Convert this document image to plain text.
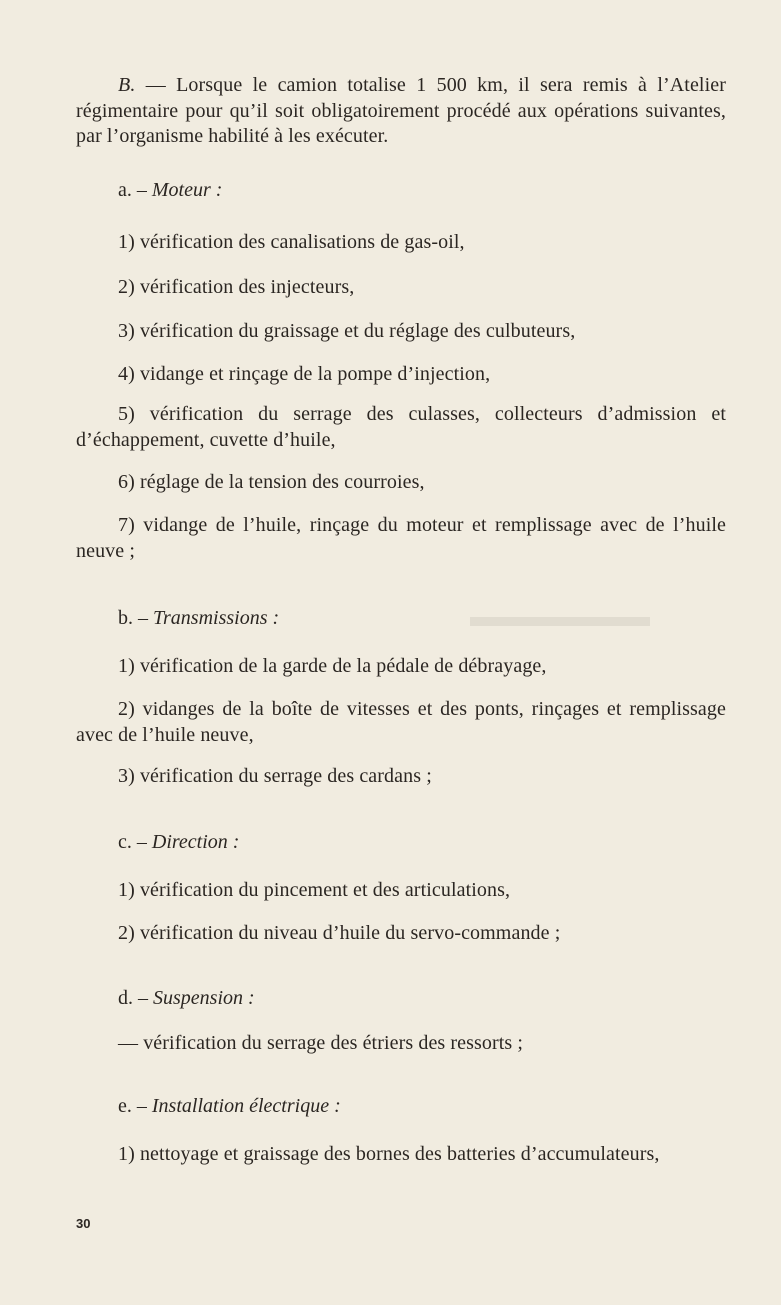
▬▬▬▬▬▬
B. — Lorsque le camion totalise 1 500 km, il sera remis à l’Atelier régimentaire pour qu’il soit obligatoirement procédé aux opérations suivantes, par l’organisme habilité à les exécuter.
a. – Moteur :
1) vérification des canalisations de gas-oil,
2) vérification des injecteurs,
3) vérification du graissage et du réglage des culbuteurs,
4) vidange et rinçage de la pompe d’injection,
5) vérification du serrage des culasses, collecteurs d’admission et d’échappement, cuvette d’huile,
6) réglage de la tension des courroies,
7) vidange de l’huile, rinçage du moteur et remplissage avec de l’huile neuve ;
b. – Transmissions :
1) vérification de la garde de la pédale de débrayage,
2) vidanges de la boîte de vitesses et des ponts, rinçages et remplissage avec de l’huile neuve,
3) vérification du serrage des cardans ;
c. – Direction :
1) vérification du pincement et des articulations,
2) vérification du niveau d’huile du servo-commande ;
d. – Suspension :
— vérification du serrage des étriers des ressorts ;
e. – Installation électrique :
1) nettoyage et graissage des bornes des batteries d’accumulateurs,
30
